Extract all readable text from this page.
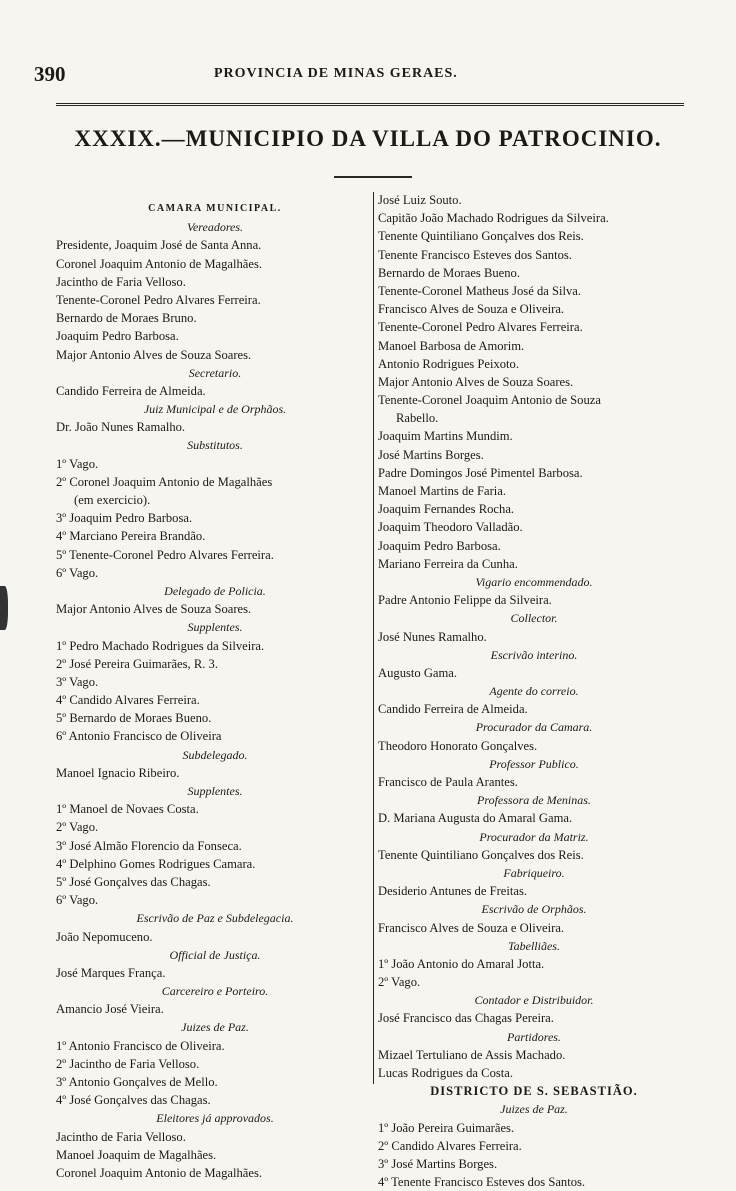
390	PROVINCIA DE MINAS GERAES.
XXXIX.—MUNICIPIO DA VILLA DO PATROCINIO.
CAMARA MUNICIPAL.
Vereadores.
Presidente, Joaquim José de Santa Anna.
Coronel Joaquim Antonio de Magalhães.
Jacintho de Faria Velloso.
Tenente-Coronel Pedro Alvares Ferreira.
Bernardo de Moraes Bruno.
Joaquim Pedro Barbosa.
Major Antonio Alves de Souza Soares.
Secretario.
Candido Ferreira de Almeida.
Juiz Municipal e de Orphãos.
Dr. João Nunes Ramalho.
Substitutos.
1º Vago.
2º Coronel Joaquim Antonio de Magalhães
(em exercicio).
3º Joaquim Pedro Barbosa.
4º Marciano Pereira Brandão.
5º Tenente-Coronel Pedro Alvares Ferreira.
6º Vago.
Delegado de Policia.
Major Antonio Alves de Souza Soares.
Supplentes.
1º Pedro Machado Rodrigues da Silveira.
2º José Pereira Guimarães, R. 3.
3º Vago.
4º Candido Alvares Ferreira.
5º Bernardo de Moraes Bueno.
6º Antonio Francisco de Oliveira
Subdelegado.
Manoel Ignacio Ribeiro.
Supplentes.
1º Manoel de Novaes Costa.
2º Vago.
3º José Almão Florencio da Fonseca.
4º Delphino Gomes Rodrigues Camara.
5º José Gonçalves das Chagas.
6º Vago.
Escrivão de Paz e Subdelegacia.
João Nepomuceno.
Official de Justiça.
José Marques França.
Carcereiro e Porteiro.
Amancio José Vieira.
Juizes de Paz.
1º Antonio Francisco de Oliveira.
2º Jacintho de Faria Velloso.
3º Antonio Gonçalves de Mello.
4º José Gonçalves das Chagas.
Eleitores já approvados.
Jacintho de Faria Velloso.
Manoel Joaquim de Magalhães.
Coronel Joaquim Antonio de Magalhães.
José Luiz Souto.
Capitão João Machado Rodrigues da Silveira.
Tenente Quintiliano Gonçalves dos Reis.
Tenente Francisco Esteves dos Santos.
Bernardo de Moraes Bueno.
Tenente-Coronel Matheus José da Silva.
Francisco Alves de Souza e Oliveira.
Tenente-Coronel Pedro Alvares Ferreira.
Manoel Barbosa de Amorim.
Antonio Rodrigues Peixoto.
Major Antonio Alves de Souza Soares.
Tenente-Coronel Joaquim Antonio de Souza
Rabello.
Joaquim Martins Mundim.
José Martins Borges.
Padre Domingos José Pimentel Barbosa.
Manoel Martins de Faria.
Joaquim Fernandes Rocha.
Joaquim Theodoro Valladão.
Joaquim Pedro Barbosa.
Mariano Ferreira da Cunha.
Vigario encommendado.
Padre Antonio Felippe da Silveira.
Collector.
José Nunes Ramalho.
Escrivão interino.
Augusto Gama.
Agente do correio.
Candido Ferreira de Almeida.
Procurador da Camara.
Theodoro Honorato Gonçalves.
Professor Publico.
Francisco de Paula Arantes.
Professora de Meninas.
D. Mariana Augusta do Amaral Gama.
Procurador da Matriz.
Tenente Quintiliano Gonçalves dos Reis.
Fabriqueiro.
Desiderio Antunes de Freitas.
Escrivão de Orphãos.
Francisco Alves de Souza e Oliveira.
Tabelliães.
1º João Antonio do Amaral Jotta.
2º Vago.
Contador e Distribuidor.
José Francisco das Chagas Pereira.
Partidores.
Mizael Tertuliano de Assis Machado.
Lucas Rodrigues da Costa.
DISTRICTO DE S. SEBASTIÃO.
Juizes de Paz.
1º João Pereira Guimarães.
2º Candido Alvares Ferreira.
3º José Martins Borges.
4º Tenente Francisco Esteves dos Santos.
